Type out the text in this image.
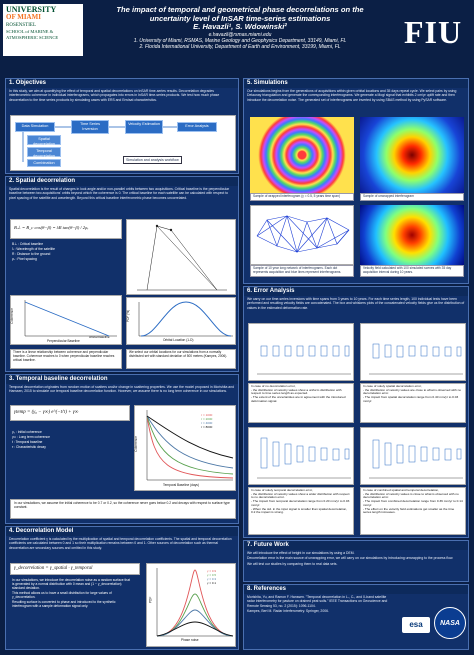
UNIVERSITY
OF MIAMI
ROSENSTIEL
SCHOOL of MARINE &
ATMOSPHERIC SCIENCE
The impact of temporal and geometrical phase decorrelations on the
uncertainty level of InSAR time-series estimations
E. Havazli¹, S. Wdowinski²
e.havazli@rsmas.miami.edu
1. University of Miami, RSMAS, Marine Geology and Geophysics Department, 33149, Miami, FL
2. Florida International University, Department of Earth and Environment, 33199, Miami, FL	FIU
1. Objectives
In this study, we aim at quantifying the effect of temporal and spatial decorrelations on InSAR time-series results. Decorrelation degrades interferometric coherence in individual interferograms, which propagates into errors in InSAR time-series products. We test how much phase decorrelation to the time series products by simulating cases with ERS and Envisat characteristics.
Data Simulation	Time Series Inversion
Velocity Estimation	Error Analysis
Spatial decorrelation
Temporal decorrelation
Combination
Simulation and analysis workflow
2. Spatial decorrelation
Spatial decorrelation is the result of changes in look angle and/or non-parallel orbits between two acquisitions. Critical baseline is the perpendicular baseline between two acquisitions' orbits beyond which the coherence is 0. The critical baseline for each satellite can be calculated with respect to pixel spacing of the satellite and wavelength. Beyond this critical baseline interferometric phase becomes uncorrelated.
B⊥ = B_c cos(θ−β) = λR tan(θ−β) / 2ρᵣ
B⊥ : Critical baseline
λ : Wavelength of the satellite
R : Distance to the ground
ρᵣ : Pixel spacing
Coherence
critical baseline
Perpendicular Baseline
PDF (%)
Orbital Location (1-D)
There is a linear relationship between coherence and perpendicular baseline. Coherence reaches to 0 when perpendicular baseline reaches critical baseline.
We select our orbital locations for our simulations from a normally distributed set with standard deviation of 500 meters (Kampes, 2006).
3. Temporal baseline decorrelation
Temporal decorrelation originates from random motion of scatters and/or change in scattering properties. We use the model proposed in Morishita and Hanssen, 2015 to simulate our temporal baseline decorrelation function. However, we assume there is no long term coherence in our simulations.
γtemp = (γ₀ − γ∞) e^(−t/τ) + γ∞
γ₀ : Initial coherence
γ∞ : Long term coherence
t : Temporal baseline
τ : Characteristic decay	Coherence
Temporal Baseline (days)
τ = 1000
τ = 2000
τ = 4000
τ = 8000
In our simulations, we assume the initial coherence to be 0.7 or 0.2, so the coherence never goes below 0.2 and decays with respect to surface type constant.
4. Decorrelation Model
Decorrelation coefficient γ is calculated by the multiplication of spatial and temporal decorrelation coefficients. The spatial and temporal decorrelation coefficients are calculated between 0 and 1 so their multiplication remains between 0 and 1. Other sources of decorrelation such as thermal decorrelation are secondary sources and omitted in this study.
γ_decorrelation = γ_spatial · γ_temporal
In our simulations, we introduce the decorrelation noise as a random surface that is generated by a normal distribution with 0 mean and (1 − γ_decorrelation) standard deviation.
This method allows us to have a small distribution for large values of γ_decorrelation.
Resulting surface is converted to phase and introduced to the synthetic interferogram with a sample deformation signal only.
PDF
Phase noise
γ = 0.9
γ = 0.5
γ = 0.3
γ = 0.1
5. Simulations
Our simulations begins from the generations of acquisitions within given orbital locations and 35 days repeat cycle. We select pairs by using Delaunay triangulation and generate the corresponding interferograms. We generate a Mogi signal that exhibits 2 cm/yr uplift rate and then introduce the decorrelation noise. The generated set of interferograms are inverted by using SBAS method by using PySAR software.
Sample of wrapped interferogram (γ = 0.5, 5 years time span)	Sample of unwrapped interferogram
Sample of 10 year long network of interferograms. Each dot represents acquisition and blue lines represent interferograms.
Velocity field calculated with 100 simulated scenes with 35 day acquisition interval during 10 years.
6. Error Analysis
We carry on our time-series inversions with time spans from 3 years to 10 years. For each time series length, 100 individual tests have been performed and resulting velocity fields are concatenated. The box and whiskers plots of the concatenated velocity fields give us the distribution of values in the estimated deformation rate.
In case of no decorrelation error,
- the distribution of velocity values show a uniform distribution with respect to time series length as expected.
- The extent of the uncertainties are in agreement with the introduced deformation signal.
In case of solely spatial decorrelation error,
- the distribution of velocity values are close to what is observed with no decorrelation error.
- The impact from spatial decorrelation range from 0.40 mm/yr to 0.03 mm/yr.
In case of solely temporal decorrelation error,
- the distribution of velocity values show a wider distribution with respect to no decorrelation error.
- The impact from temporal decorrelation range from 0.20 mm/yr to 0.03 mm/yr.
- When the std. in the input signal is smaller than spatial decorrelation, 0.2 the impact is strong.
In case of combined spatial and temporal decorrelation,
- the distribution of velocity values is close to what is observed with no decorrelation error.
- The impact from combined decorrelation range from 0.36 mm/yr to 0.14 mm/yr.
- The effect on the velocity field estimations get smaller as the time series length increases.
7. Future Work
We will introduce the effect of height in our simulations by using a DEM.
Decorrelation error is the main source of unwrapping error, we will carry on our simulations by introducing unwrapping to the process flow.
We will test our studies by comparing them to real data sets.
8. References
Morishita, Yu, and Ramon F. Hanssen. "Temporal decorrelation in L-, C-, and X-band satellite radar interferometry for pasture on drained peat soils." IEEE Transactions on Geoscience and Remote Sensing 53, no. 2 (2015): 1096-1104.
Kampes, Bert M. Radar interferometry. Springer, 2006.
esa	NASA
